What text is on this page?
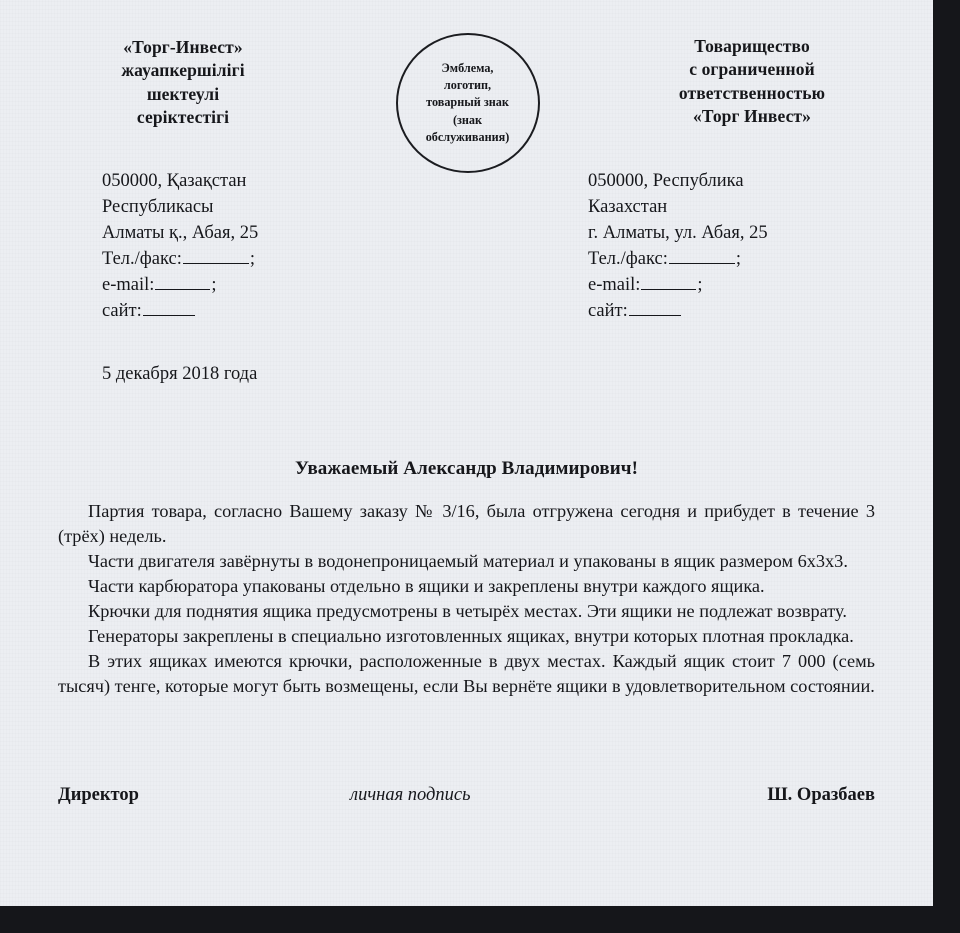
«Торг-Инвест»
жауапкершілігі
шектеулі
серіктестігі
Эмблема,
логотип,
товарный знак
(знак
обслуживания)
Товарищество
с ограниченной
ответственностью
«Торг Инвест»
050000, Қазақстан
Республикасы
Алматы қ., Абая, 25
Тел./факс:	;
e-mail:	;
сайт:
050000, Республика
Казахстан
г. Алматы, ул. Абая, 25
Тел./факс:	;
e-mail:	;
сайт:
5 декабря 2018 года
Уважаемый Александр Владимирович!

Партия товара, согласно Вашему заказу № 3/16, была отгружена сегодня и прибудет в течение 3 (трёх) недель.

Части двигателя завёрнуты в водонепроницаемый материал и упакованы в ящик размером 6х3х3.

Части карбюратора упакованы отдельно в ящики и закреплены внутри каждого ящика.

Крючки для поднятия ящика предусмотрены в четырёх местах. Эти ящики не подлежат возврату.

Генераторы закреплены в специально изготовленных ящиках, внутри которых плотная прокладка.

В этих ящиках имеются крючки, расположенные в двух местах. Каждый ящик стоит 7 000 (семь тысяч) тенге, которые могут быть возмещены, если Вы вернёте ящики в удовлетворительном состоянии.

Директор	личная подпись	Ш. Оразбаев
